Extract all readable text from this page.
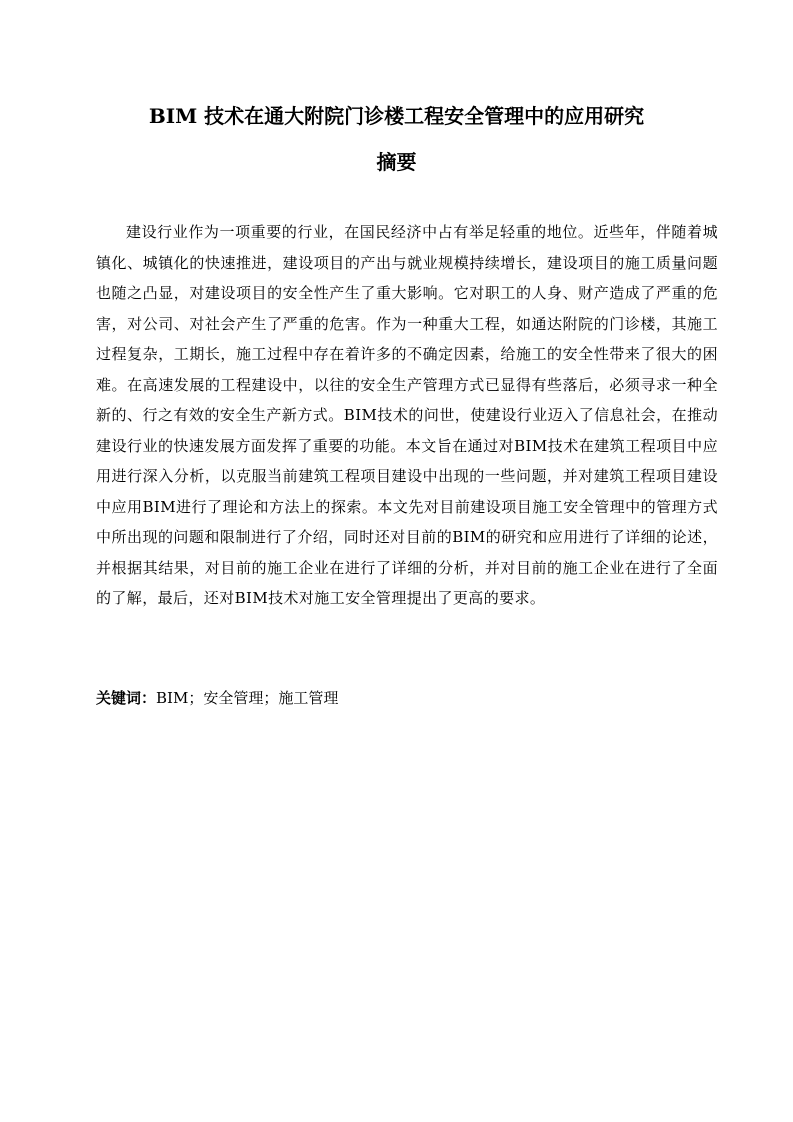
BIM 技术在通大附院门诊楼工程安全管理中的应用研究
摘要

建设行业作为一项重要的行业，在国民经济中占有举足轻重的地位。近些年，伴随着城镇化、城镇化的快速推进，建设项目的产出与就业规模持续增长，建设项目的施工质量问题也随之凸显，对建设项目的安全性产生了重大影响。它对职工的人身、财产造成了严重的危害，对公司、对社会产生了严重的危害。作为一种重大工程，如通达附院的门诊楼，其施工过程复杂，工期长，施工过程中存在着许多的不确定因素，给施工的安全性带来了很大的困难。在高速发展的工程建设中，以往的安全生产管理方式已显得有些落后，必须寻求一种全新的、行之有效的安全生产新方式。BIM技术的问世，使建设行业迈入了信息社会，在推动建设行业的快速发展方面发挥了重要的功能。本文旨在通过对BIM技术在建筑工程项目中应用进行深入分析，以克服当前建筑工程项目建设中出现的一些问题，并对建筑工程项目建设中应用BIM进行了理论和方法上的探索。本文先对目前建设项目施工安全管理中的管理方式中所出现的问题和限制进行了介绍，同时还对目前的BIM的研究和应用进行了详细的论述，并根据其结果，对目前的施工企业在进行了详细的分析，并对目前的施工企业在进行了全面的了解，最后，还对BIM技术对施工安全管理提出了更高的要求。

关键词：BIM；安全管理；施工管理
